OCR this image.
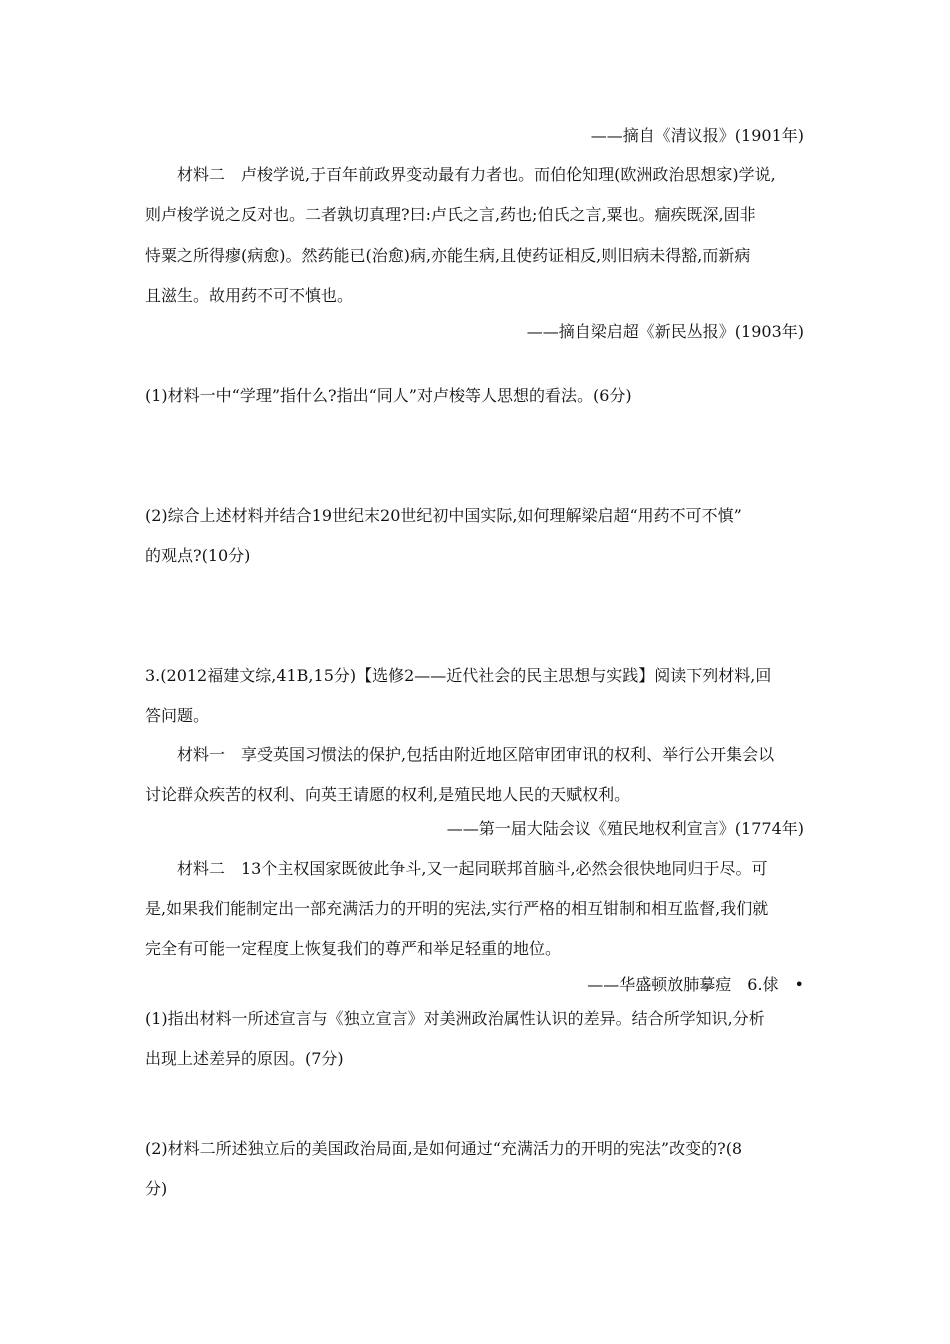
——摘自《清议报》(1901年)
材料二　卢梭学说,于百年前政界变动最有力者也。而伯伦知理(欧洲政治思想家)学说,
则卢梭学说之反对也。二者孰切真理?曰:卢氏之言,药也;伯氏之言,粟也。痼疾既深,固非
恃粟之所得瘳(病愈)。然药能已(治愈)病,亦能生病,且使药证相反,则旧病未得豁,而新病
且滋生。故用药不可不慎也。
——摘自梁启超《新民丛报》(1903年)
(1)材料一中“学理”指什么?指出“同人”对卢梭等人思想的看法。(6分)
(2)综合上述材料并结合19世纪末20世纪初中国实际,如何理解梁启超“用药不可不慎”
的观点?(10分)
3.(2012福建文综,41B,15分)【选修2——近代社会的民主思想与实践】阅读下列材料,回
答问题。
材料一　享受英国习惯法的保护,包括由附近地区陪审团审讯的权利、举行公开集会以
讨论群众疾苦的权利、向英王请愿的权利,是殖民地人民的天赋权利。
——第一届大陆会议《殖民地权利宣言》(1774年)
材料二　13个主权国家既彼此争斗,又一起同联邦首脑斗,必然会很快地同归于尽。可
是,如果我们能制定出一部充满活力的开明的宪法,实行严格的相互钳制和相互监督,我们就
完全有可能一定程度上恢复我们的尊严和举足轻重的地位。
——华盛顿放肺摹痘　6.俅　•
(1)指出材料一所述宣言与《独立宣言》对美洲政治属性认识的差异。结合所学知识,分析
出现上述差异的原因。(7分)
(2)材料二所述独立后的美国政治局面,是如何通过“充满活力的开明的宪法”改变的?(8
分)
